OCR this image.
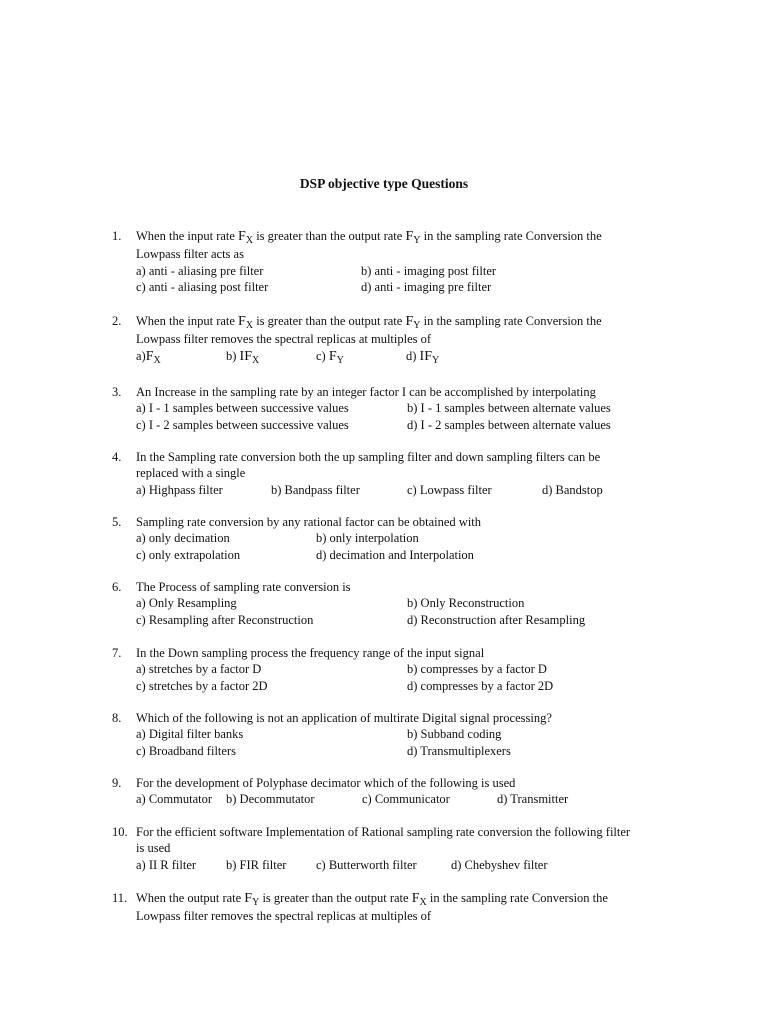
DSP objective type Questions
1.	When the input rate $F_X$ is greater than the output rate $F_Y$ in the sampling rate Conversion the
Lowpass filter acts as
a) anti - aliasing pre filter	b) anti - imaging post filter
c) anti - aliasing post filter	d) anti - imaging pre filter
2.	When the input rate $F_X$ is greater than the output rate $F_Y$ in the sampling rate Conversion the
Lowpass filter removes the spectral replicas at multiples of
$a)F_X$	b) $IF_X$	c) $F_Y$	d) $IF_Y$
3.	An Increase in the sampling rate by an integer factor I can be accomplished by interpolating
a) I - 1 samples between successive values	b) I - 1 samples between alternate values
c) I - 2 samples between successive values	d) I - 2 samples between alternate values
4.	In the Sampling rate conversion both the up sampling filter and down sampling filters can be
replaced with a single
a) Highpass filter	b) Bandpass filter	c) Lowpass filter	d) Bandstop
5.	Sampling rate conversion by any rational factor can be obtained with
a) only decimation	b) only interpolation
c) only extrapolation	d) decimation and Interpolation
6.	The Process of sampling rate conversion is
a) Only Resampling	b) Only Reconstruction
c) Resampling after Reconstruction	d) Reconstruction after Resampling
7.	In the Down sampling process the frequency range of the input signal
a) stretches by a factor D	b) compresses by a factor D
c) stretches by a factor 2D	d) compresses by a factor 2D
8.	Which of the following is not an application of multirate Digital signal processing?
a) Digital filter banks	b) Subband coding
c) Broadband filters	d) Transmultiplexers
9.	For the development of Polyphase decimator which of the following is used
a) Commutator b) Decommutator	c) Communicator	d) Transmitter
10. For the efficient software Implementation of Rational sampling rate conversion the following filter
is used
a) II R filter b) FIR filter c) Butterworth filter	d) Chebyshev filter
11. When the output rate $F_Y$ is greater than the output rate $F_X$ in the sampling rate Conversion the
Lowpass filter removes the spectral replicas at multiples of
